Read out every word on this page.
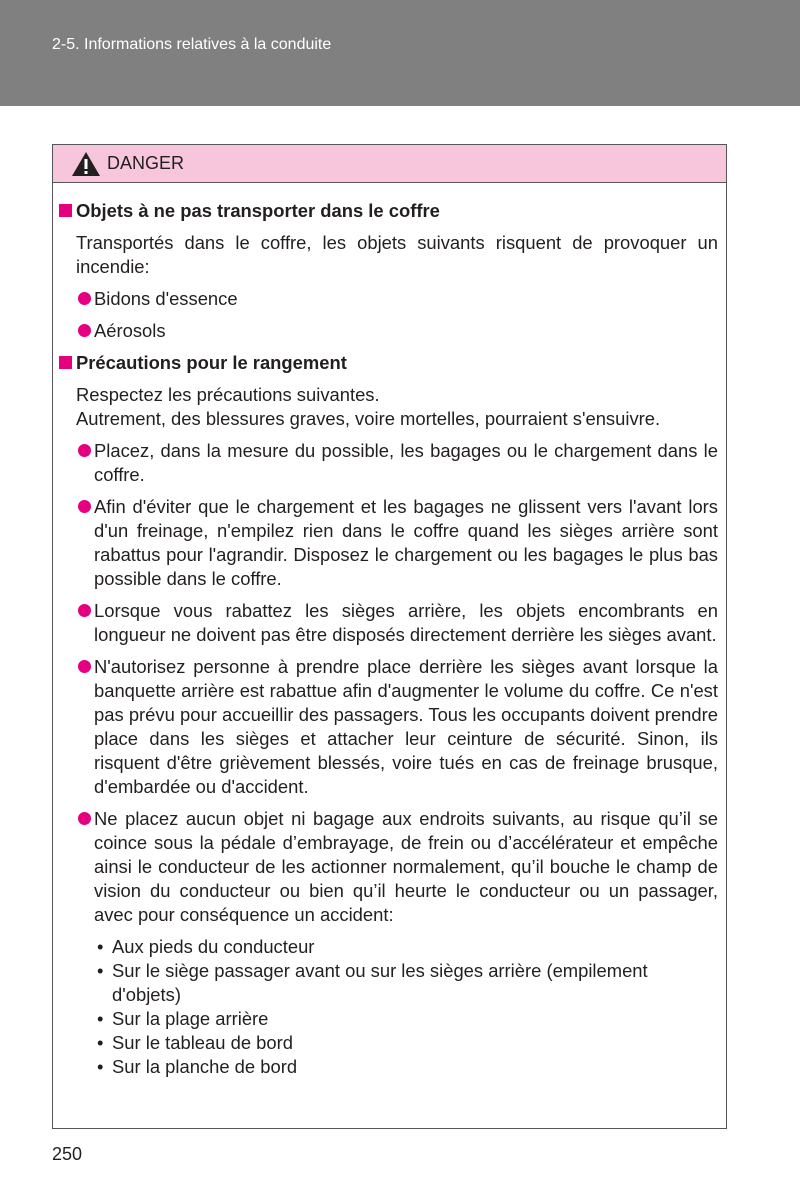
2-5. Informations relatives à la conduite
DANGER
Objets à ne pas transporter dans le coffre
Transportés dans le coffre, les objets suivants risquent de provoquer un incendie:
Bidons d'essence
Aérosols
Précautions pour le rangement
Respectez les précautions suivantes.
Autrement, des blessures graves, voire mortelles, pourraient s'ensuivre.
Placez, dans la mesure du possible, les bagages ou le chargement dans le coffre.
Afin d'éviter que le chargement et les bagages ne glissent vers l'avant lors d'un freinage, n'empilez rien dans le coffre quand les sièges arrière sont rabattus pour l'agrandir. Disposez le chargement ou les bagages le plus bas possible dans le coffre.
Lorsque vous rabattez les sièges arrière, les objets encombrants en longueur ne doivent pas être disposés directement derrière les sièges avant.
N'autorisez personne à prendre place derrière les sièges avant lorsque la banquette arrière est rabattue afin d'augmenter le volume du coffre. Ce n'est pas prévu pour accueillir des passagers. Tous les occupants doivent prendre place dans les sièges et attacher leur ceinture de sécurité. Sinon, ils risquent d'être grièvement blessés, voire tués en cas de freinage brusque, d'embardée ou d'accident.
Ne placez aucun objet ni bagage aux endroits suivants, au risque qu’il se coince sous la pédale d’embrayage, de frein ou d’accélérateur et empêche ainsi le conducteur de les actionner normalement, qu’il bouche le champ de vision du conducteur ou bien qu’il heurte le conducteur ou un passager, avec pour conséquence un accident:
• Aux pieds du conducteur
• Sur le siège passager avant ou sur les sièges arrière (empilement d'objets)
• Sur la plage arrière
• Sur le tableau de bord
• Sur la planche de bord
250
